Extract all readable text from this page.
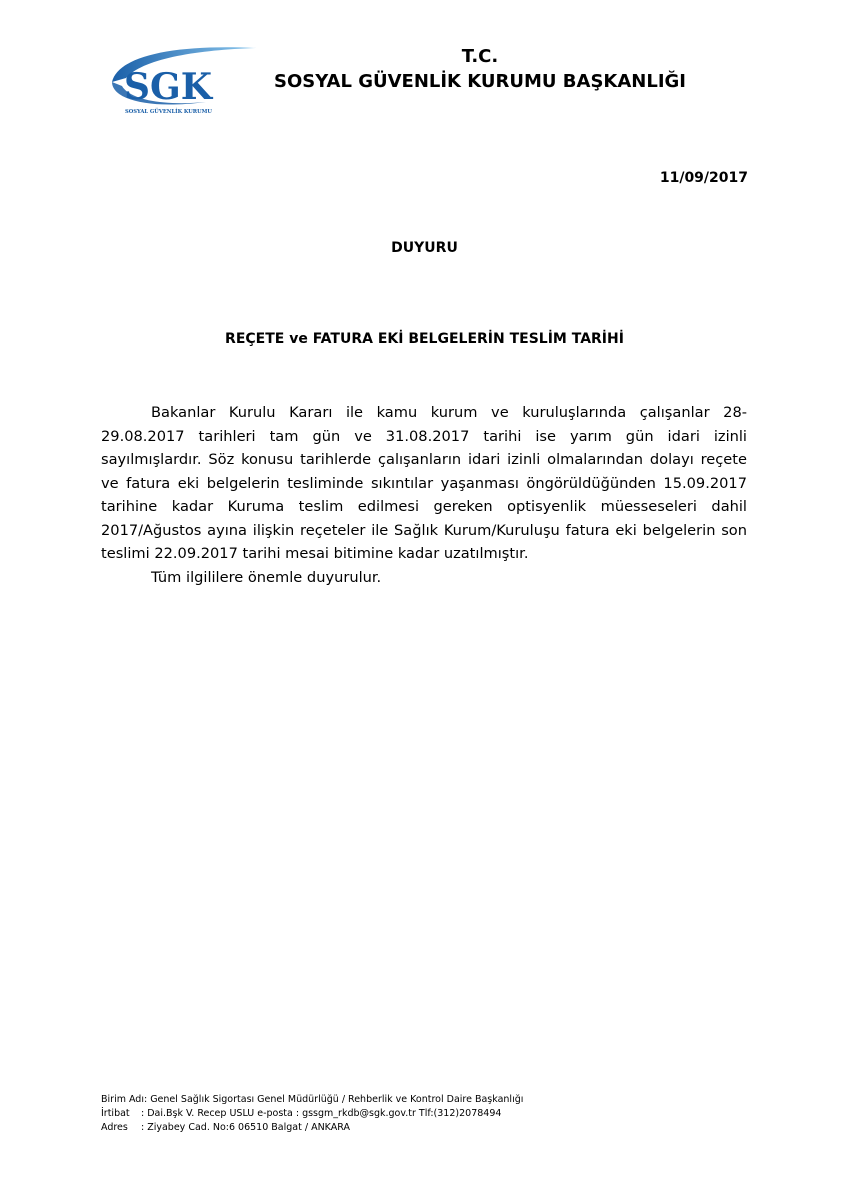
SGK
SOSYAL GÜVENLİK KURUMU
T.C.
SOSYAL GÜVENLİK KURUMU BAŞKANLIĞI
11/09/2017
DUYURU
REÇETE ve FATURA EKİ BELGELERİN TESLİM TARİHİ

Bakanlar Kurulu Kararı ile kamu kurum ve kuruluşlarında çalışanlar 28-29.08.2017 tarihleri tam gün ve 31.08.2017 tarihi ise yarım gün idari izinli sayılmışlardır. Söz konusu tarihlerde çalışanların idari izinli olmalarından dolayı reçete ve fatura eki belgelerin tesliminde sıkıntılar yaşanması öngörüldüğünden 15.09.2017 tarihine kadar Kuruma teslim edilmesi gereken optisyenlik müesseseleri dahil 2017/Ağustos ayına ilişkin reçeteler ile Sağlık Kurum/Kuruluşu fatura eki belgelerin son teslimi 22.09.2017 tarihi mesai bitimine kadar uzatılmıştır.

Tüm ilgililere önemle duyurulur.

Birim Adı: Genel Sağlık Sigortası Genel Müdürlüğü / Rehberlik ve Kontrol Daire Başkanlığı
İrtibat	: Dai.Bşk V. Recep USLU e-posta : gssgm_rkdb@sgk.gov.tr Tlf:(312)2078494
Adres	: Ziyabey Cad. No:6 06510 Balgat / ANKARA
